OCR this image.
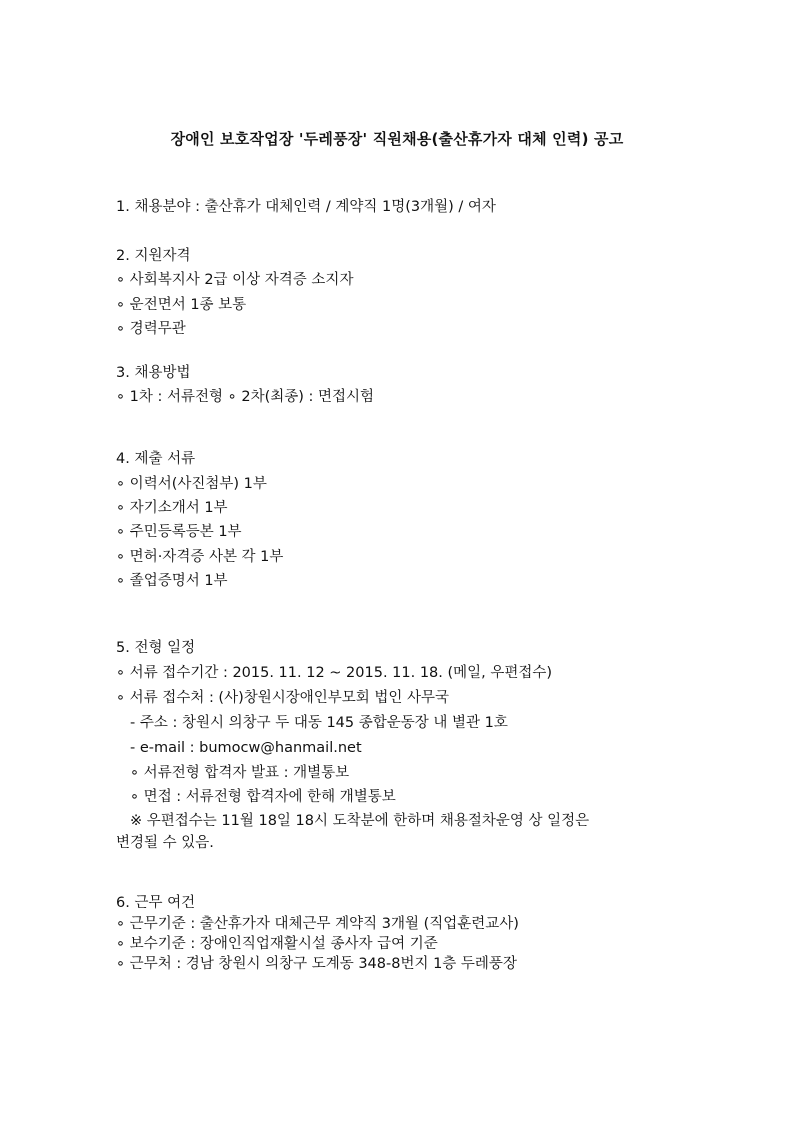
장애인 보호작업장 '두레풍장' 직원채용(출산휴가자 대체 인력) 공고
1. 채용분야 : 출산휴가 대체인력 / 계약직 1명(3개월) / 여자
2. 지원자격
∘ 사회복지사 2급 이상 자격증 소지자
∘ 운전면서 1종 보통
∘ 경력무관
3. 채용방법
∘ 1차 : 서류전형 ∘ 2차(최종) : 면접시험
4. 제출 서류
∘ 이력서(사진첨부) 1부
∘ 자기소개서 1부
∘ 주민등록등본 1부
∘ 면허·자격증 사본 각 1부
∘ 졸업증명서 1부
5. 전형 일정
∘ 서류 접수기간 : 2015. 11. 12 ~ 2015. 11. 18. (메일, 우편접수)
∘ 서류 접수처 : (사)창원시장애인부모회 법인 사무국
- 주소 : 창원시 의창구 두 대동 145 종합운동장 내 별관 1호
- e-mail : bumocw@hanmail.net
∘ 서류전형 합격자 발표 : 개별통보
∘ 면접 : 서류전형 합격자에 한해 개별통보
※ 우편접수는 11월 18일 18시 도착분에 한하며 채용절차운영 상 일정은
변경될 수 있음.
6. 근무 여건
∘ 근무기준 : 출산휴가자 대체근무 계약직 3개월 (직업훈련교사)
∘ 보수기준 : 장애인직업재활시설 종사자 급여 기준
∘ 근무처 : 경남 창원시 의창구 도계동 348-8번지 1층 두레풍장
